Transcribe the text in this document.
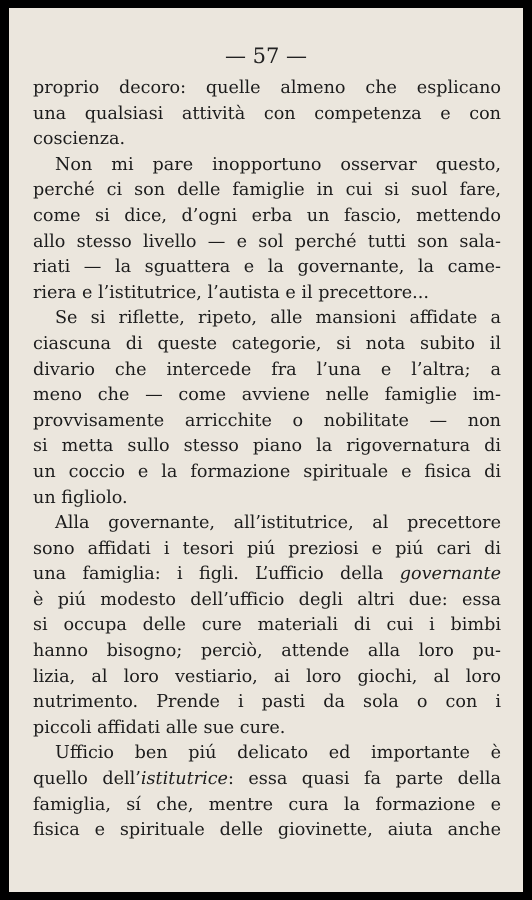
— 57 —
proprio decoro: quelle almeno che esplicano
una qualsiasi attività con competenza e con
coscienza.
Non mi pare inopportuno osservar questo,
perché ci son delle famiglie in cui si suol fare,
come si dice, d’ogni erba un fascio, mettendo
allo stesso livello — e sol perché tutti son sala-
riati — la sguattera e la governante, la came-
riera e l’istitutrice, l’autista e il precettore...
Se si riflette, ripeto, alle mansioni affidate a
ciascuna di queste categorie, si nota subito il
divario che intercede fra l’una e l’altra; a
meno che — come avviene nelle famiglie im-
provvisamente arricchite o nobilitate — non
si metta sullo stesso piano la rigovernatura di
un coccio e la formazione spirituale e fisica di
un figliolo.
Alla governante, all’istitutrice, al precettore
sono affidati i tesori piú preziosi e piú cari di
una famiglia: i figli. L’ufficio della governante
è piú modesto dell’ufficio degli altri due: essa
si occupa delle cure materiali di cui i bimbi
hanno bisogno; perciò, attende alla loro pu-
lizia, al loro vestiario, ai loro giochi, al loro
nutrimento. Prende i pasti da sola o con i
piccoli affidati alle sue cure.
Ufficio ben piú delicato ed importante è
quello dell’istitutrice: essa quasi fa parte della
famiglia, sí che, mentre cura la formazione e
fisica e spirituale delle giovinette, aiuta anche
